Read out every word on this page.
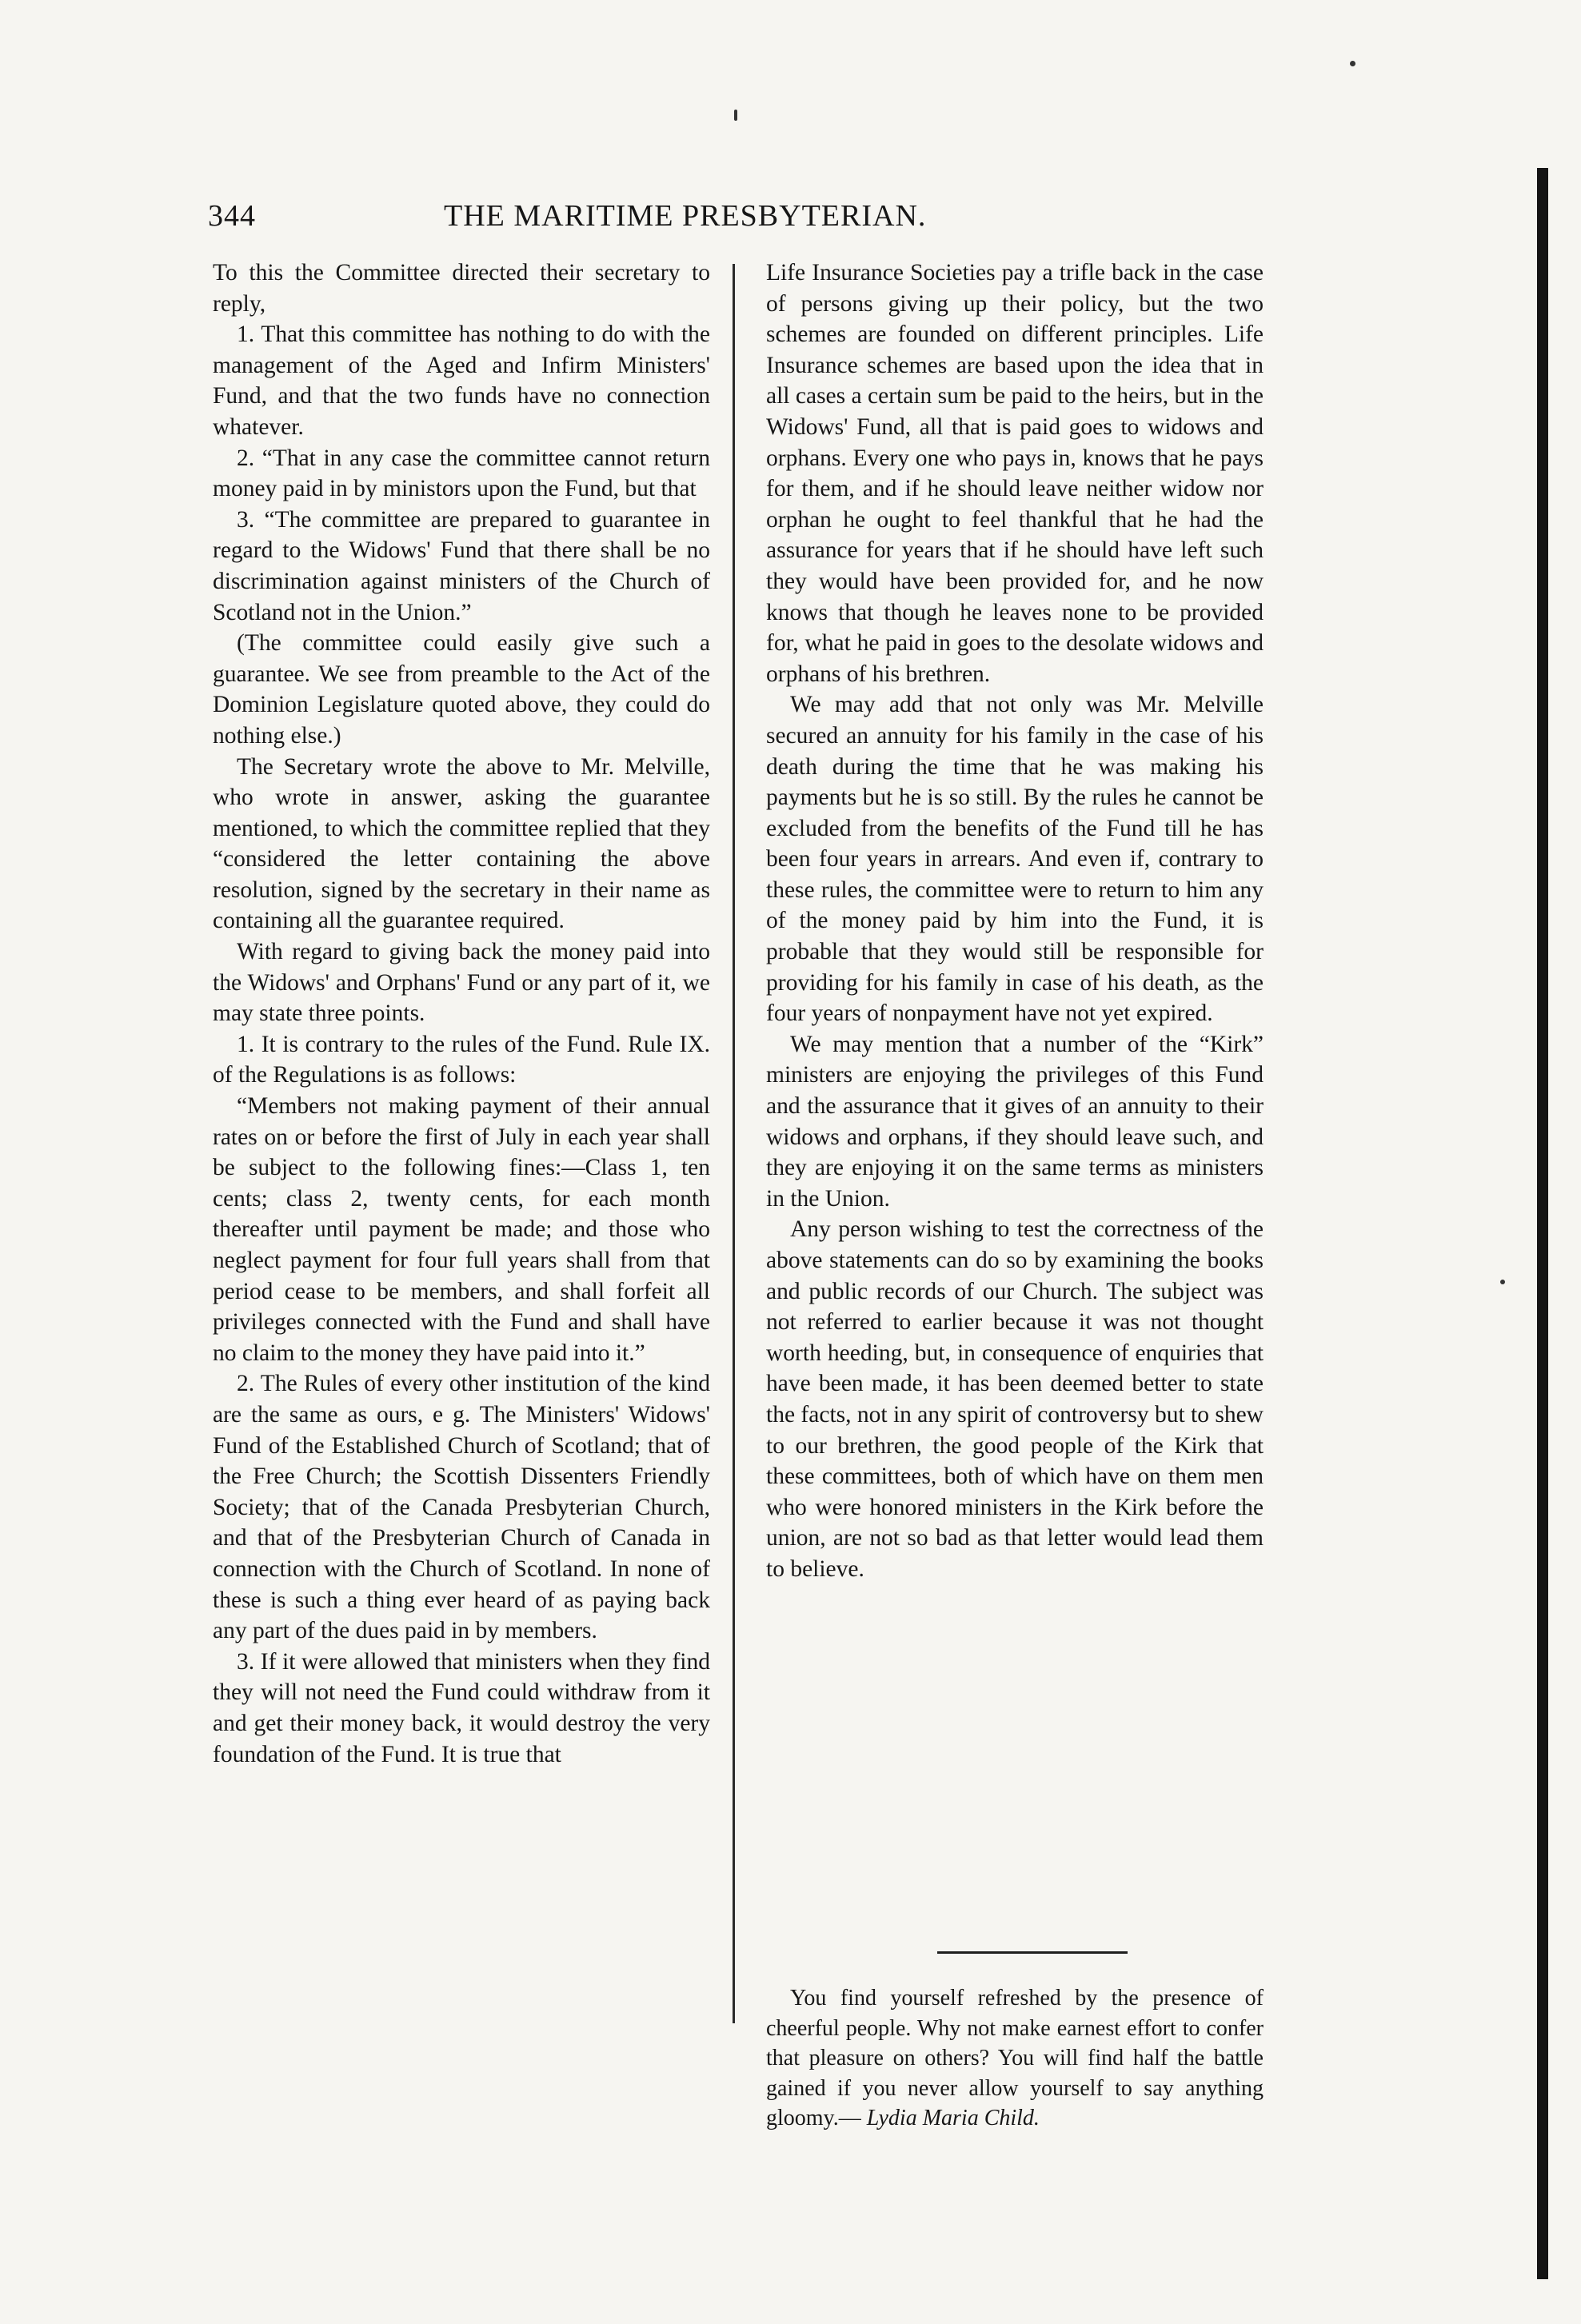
344	THE MARITIME PRESBYTERIAN.

To this the Committee directed their secretary to reply,

1. That this committee has nothing to do with the management of the Aged and Infirm Ministers' Fund, and that the two funds have no connection whatever.

2. “That in any case the committee cannot return money paid in by ministors upon the Fund, but that

3. “The committee are prepared to guarantee in regard to the Widows' Fund that there shall be no discrimination against ministers of the Church of Scotland not in the Union.”

(The committee could easily give such a guarantee. We see from preamble to the Act of the Dominion Legislature quoted above, they could do nothing else.)

The Secretary wrote the above to Mr. Melville, who wrote in answer, asking the guarantee mentioned, to which the committee replied that they “considered the letter containing the above resolution, signed by the secretary in their name as containing all the guarantee required.

With regard to giving back the money paid into the Widows' and Orphans' Fund or any part of it, we may state three points.

1. It is contrary to the rules of the Fund. Rule IX. of the Regulations is as follows:

“Members not making payment of their annual rates on or before the first of July in each year shall be subject to the following fines:—Class 1, ten cents; class 2, twenty cents, for each month thereafter until payment be made; and those who neglect payment for four full years shall from that period cease to be members, and shall forfeit all privileges connected with the Fund and shall have no claim to the money they have paid into it.”

2. The Rules of every other institution of the kind are the same as ours, e g. The Ministers' Widows' Fund of the Established Church of Scotland; that of the Free Church; the Scottish Dissenters Friendly Society; that of the Canada Presbyterian Church, and that of the Presbyterian Church of Canada in connection with the Church of Scotland. In none of these is such a thing ever heard of as paying back any part of the dues paid in by members.

3. If it were allowed that ministers when they find they will not need the Fund could withdraw from it and get their money back, it would destroy the very foundation of the Fund. It is true that

Life Insurance Societies pay a trifle back in the case of persons giving up their policy, but the two schemes are founded on different principles. Life Insurance schemes are based upon the idea that in all cases a certain sum be paid to the heirs, but in the Widows' Fund, all that is paid goes to widows and orphans. Every one who pays in, knows that he pays for them, and if he should leave neither widow nor orphan he ought to feel thankful that he had the assurance for years that if he should have left such they would have been provided for, and he now knows that though he leaves none to be provided for, what he paid in goes to the desolate widows and orphans of his brethren.

We may add that not only was Mr. Melville secured an annuity for his family in the case of his death during the time that he was making his payments but he is so still. By the rules he cannot be excluded from the benefits of the Fund till he has been four years in arrears. And even if, contrary to these rules, the committee were to return to him any of the money paid by him into the Fund, it is probable that they would still be responsible for providing for his family in case of his death, as the four years of nonpayment have not yet expired.

We may mention that a number of the “Kirk” ministers are enjoying the privileges of this Fund and the assurance that it gives of an annuity to their widows and orphans, if they should leave such, and they are enjoying it on the same terms as ministers in the Union.

Any person wishing to test the correctness of the above statements can do so by examining the books and public records of our Church. The subject was not referred to earlier because it was not thought worth heeding, but, in consequence of enquiries that have been made, it has been deemed better to state the facts, not in any spirit of controversy but to shew to our brethren, the good people of the Kirk that these committees, both of which have on them men who were honored ministers in the Kirk before the union, are not so bad as that letter would lead them to believe.

You find yourself refreshed by the presence of cheerful people. Why not make earnest effort to confer that pleasure on others? You will find half the battle gained if you never allow yourself to say anything gloomy.— Lydia Maria Child.
